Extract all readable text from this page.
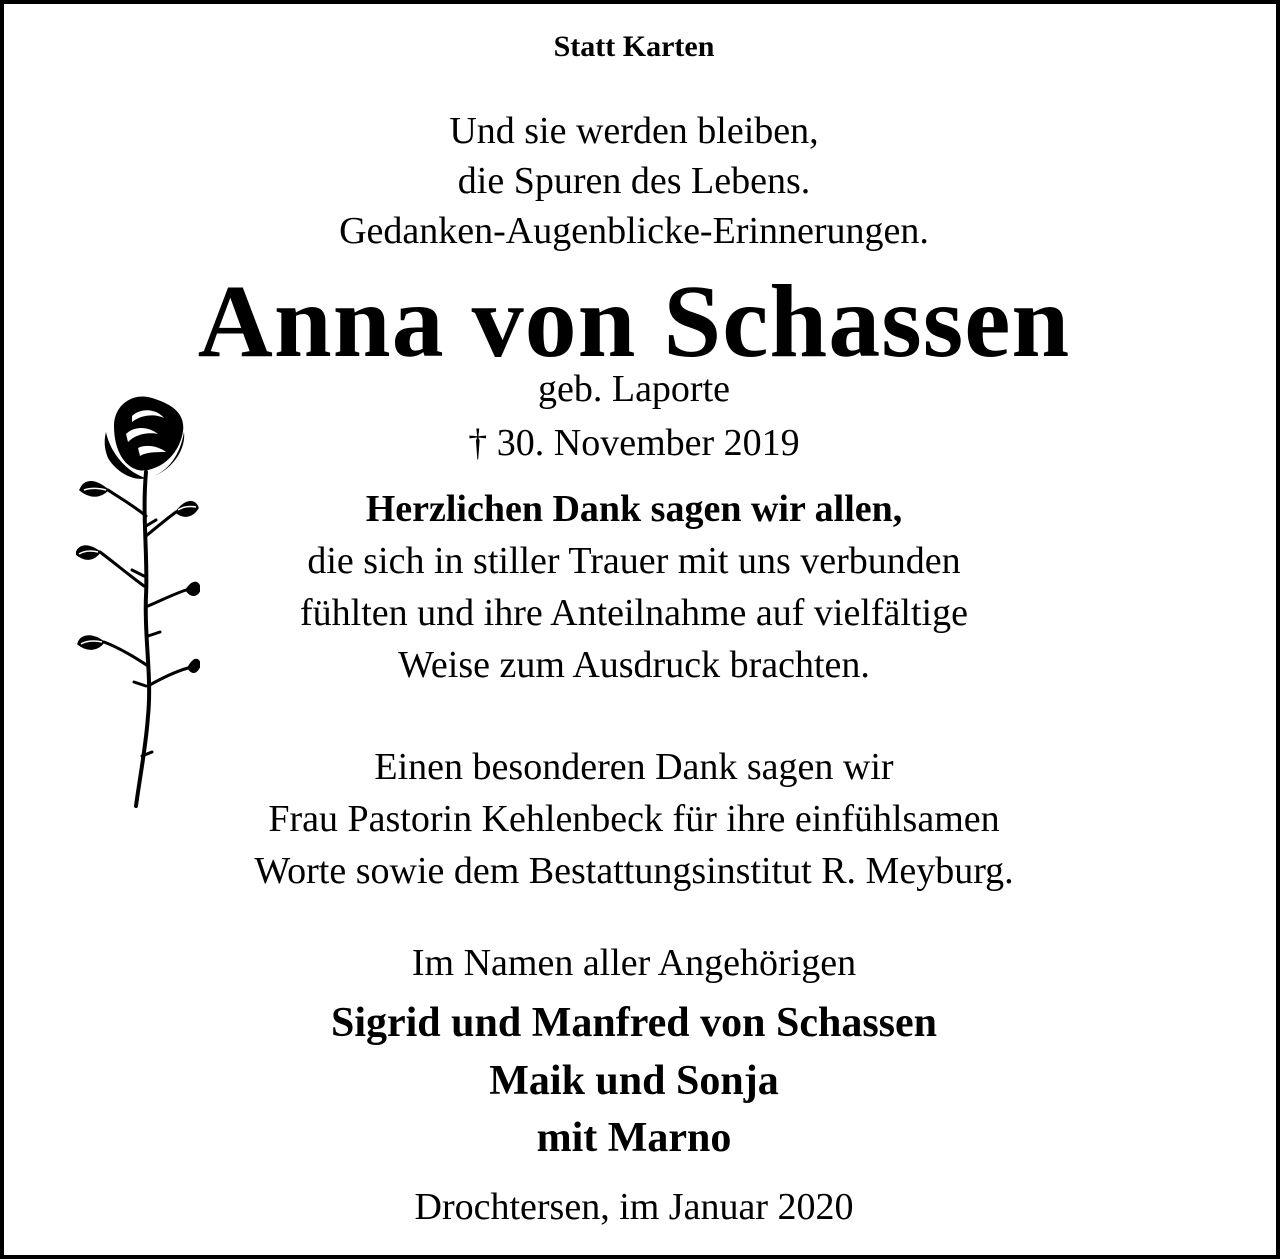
Statt Karten
Und sie werden bleiben,
die Spuren des Lebens.
Gedanken-Augenblicke-Erinnerungen.
Anna von Schassen
geb. Laporte
† 30. November 2019
Herzlichen Dank sagen wir allen,
die sich in stiller Trauer mit uns verbunden
fühlten und ihre Anteilnahme auf vielfältige
Weise zum Ausdruck brachten.
Einen besonderen Dank sagen wir
Frau Pastorin Kehlenbeck für ihre einfühlsamen
Worte sowie dem Bestattungsinstitut R. Meyburg.
Im Namen aller Angehörigen
Sigrid und Manfred von Schassen
Maik und Sonja
mit Marno
Drochtersen, im Januar 2020
